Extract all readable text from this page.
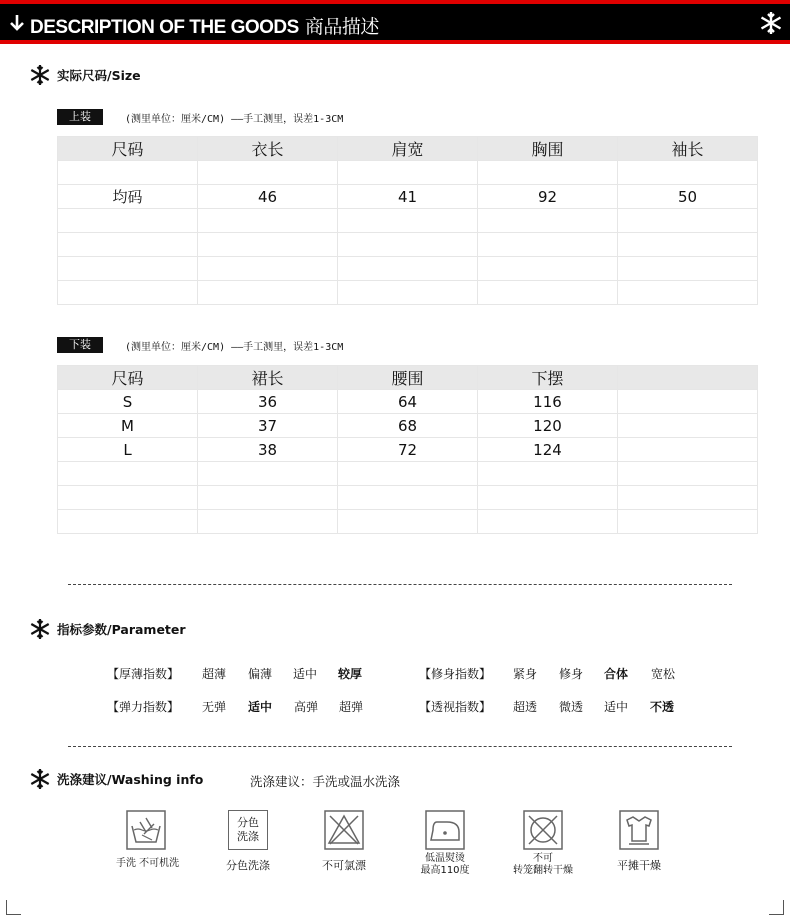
DESCRIPTION OF THE GOODS 商品描述
实际尺码/Size
上装	(测里单位：厘米/CM) ——手工测里，误差1-3CM
尺码	衣长	肩宽	胸围	袖长

均码	46	41	92	50

下装	(测里单位：厘米/CM) ——手工测里，误差1-3CM
尺码	裙长	腰围	下摆	
S	36	64	116	
M	37	68	120	
L	38	72	124	

指标参数/Parameter
【厚薄指数】 超薄 偏薄 适中 较厚	【修身指数】 紧身 修身 合体 宽松
【弹力指数】 无弹 适中 高弹 超弹	【透视指数】 超透 微透 适中 不透
洗涤建议/Washing info	洗涤建议：手洗或温水洗涤
手洗 不可机洗
分色
洗涤
分色洗涤	不可氯漂
低温熨烫
最高110度
不可
转笼翻转干燥	平摊干燥
